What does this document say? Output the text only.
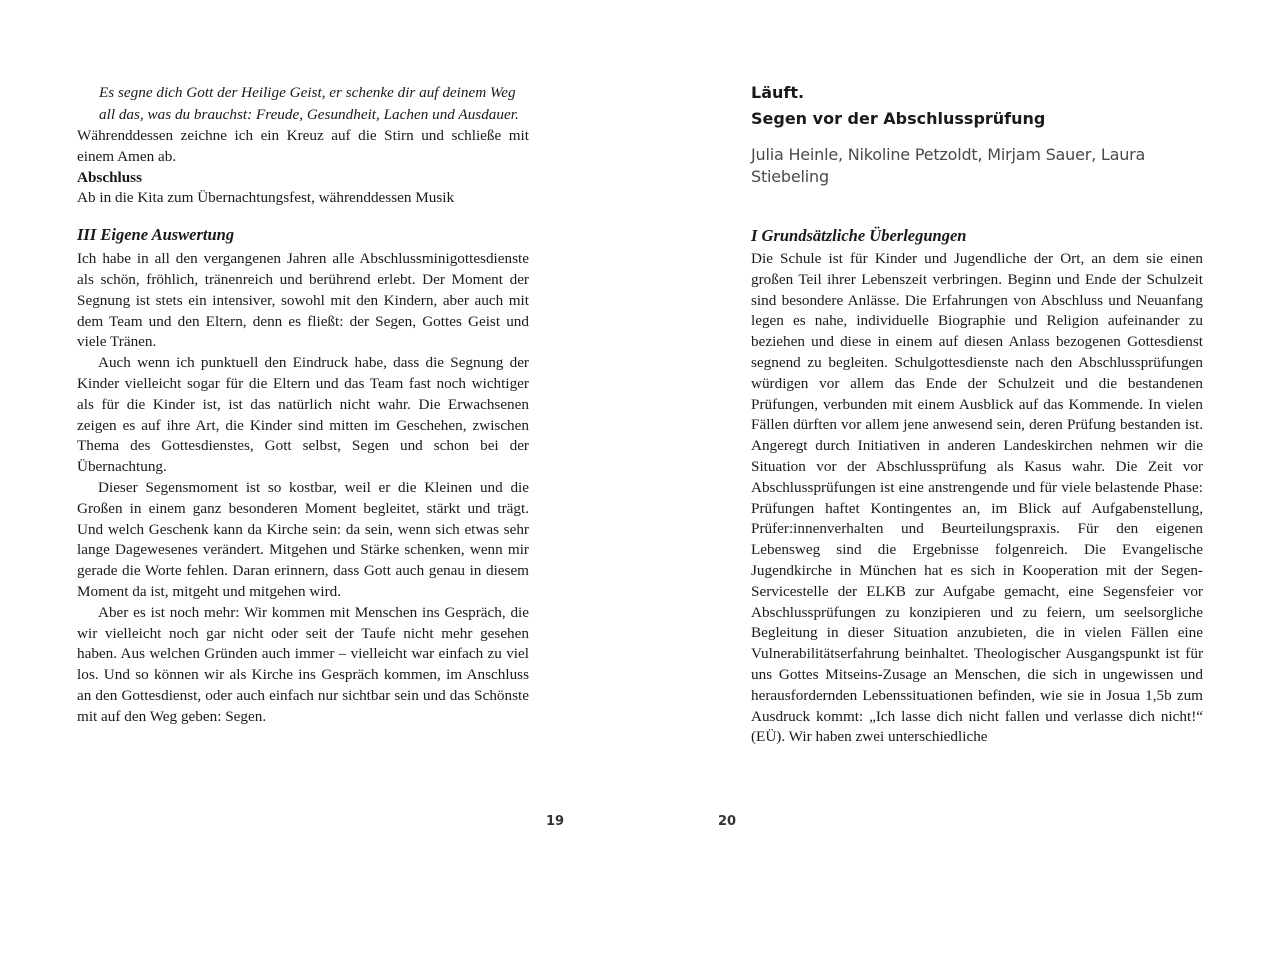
Es segne dich Gott der Heilige Geist, er schenke dir auf deinem Weg all das, was du brauchst: Freude, Gesundheit, Lachen und Ausdauer.

Währenddessen zeichne ich ein Kreuz auf die Stirn und schließe mit einem Amen ab.

Abschluss

Ab in die Kita zum Übernachtungsfest, währenddessen Musik

III Eigene Auswertung

Ich habe in all den vergangenen Jahren alle Abschlussminigottesdienste als schön, fröhlich, tränenreich und berührend erlebt. Der Moment der Segnung ist stets ein intensiver, sowohl mit den Kindern, aber auch mit dem Team und den Eltern, denn es fließt: der Segen, Gottes Geist und viele Tränen.

Auch wenn ich punktuell den Eindruck habe, dass die Segnung der Kinder vielleicht sogar für die Eltern und das Team fast noch wichtiger als für die Kinder ist, ist das natürlich nicht wahr. Die Erwachsenen zeigen es auf ihre Art, die Kinder sind mitten im Geschehen, zwischen Thema des Gottesdienstes, Gott selbst, Segen und schon bei der Übernachtung.

Dieser Segensmoment ist so kostbar, weil er die Kleinen und die Großen in einem ganz besonderen Moment begleitet, stärkt und trägt. Und welch Geschenk kann da Kirche sein: da sein, wenn sich etwas sehr lange Dagewesenes verändert. Mitgehen und Stärke schenken, wenn mir gerade die Worte fehlen. Daran erinnern, dass Gott auch genau in diesem Moment da ist, mitgeht und mitgehen wird.

Aber es ist noch mehr: Wir kommen mit Menschen ins Gespräch, die wir vielleicht noch gar nicht oder seit der Taufe nicht mehr gesehen haben. Aus welchen Gründen auch immer – vielleicht war einfach zu viel los. Und so können wir als Kirche ins Gespräch kommen, im Anschluss an den Gottesdienst, oder auch einfach nur sichtbar sein und das Schönste mit auf den Weg geben: Segen.

19

Läuft.

Segen vor der Abschlussprüfung

Julia Heinle, Nikoline Petzoldt, Mirjam Sauer, Laura Stiebeling

I Grundsätzliche Überlegungen

Die Schule ist für Kinder und Jugendliche der Ort, an dem sie einen großen Teil ihrer Lebenszeit verbringen. Beginn und Ende der Schulzeit sind besondere Anlässe. Die Erfahrungen von Abschluss und Neuanfang legen es nahe, individuelle Biographie und Religion aufeinander zu beziehen und diese in einem auf diesen Anlass bezogenen Gottesdienst segnend zu begleiten. Schulgottesdienste nach den Abschlussprüfungen würdigen vor allem das Ende der Schulzeit und die bestandenen Prüfungen, verbunden mit einem Ausblick auf das Kommende. In vielen Fällen dürften vor allem jene anwesend sein, deren Prüfung bestanden ist. Angeregt durch Initiativen in anderen Landeskirchen nehmen wir die Situation vor der Abschlussprüfung als Kasus wahr. Die Zeit vor Abschlussprüfungen ist eine anstrengende und für viele belastende Phase: Prüfungen haftet Kontingentes an, im Blick auf Aufgabenstellung, Prüfer:innenverhalten und Beurteilungspraxis. Für den eigenen Lebensweg sind die Ergebnisse folgenreich. Die Evangelische Jugendkirche in München hat es sich in Kooperation mit der Segen-Servicestelle der ELKB zur Aufgabe gemacht, eine Segensfeier vor Abschlussprüfungen zu konzipieren und zu feiern, um seelsorgliche Begleitung in dieser Situation anzubieten, die in vielen Fällen eine Vulnerabilitätserfahrung beinhaltet. Theologischer Ausgangspunkt ist für uns Gottes Mitseins-Zusage an Menschen, die sich in ungewissen und herausfordernden Lebenssituationen befinden, wie sie in Josua 1,5b zum Ausdruck kommt: „Ich lasse dich nicht fallen und verlasse dich nicht!“ (EÜ). Wir haben zwei unterschiedliche

20
